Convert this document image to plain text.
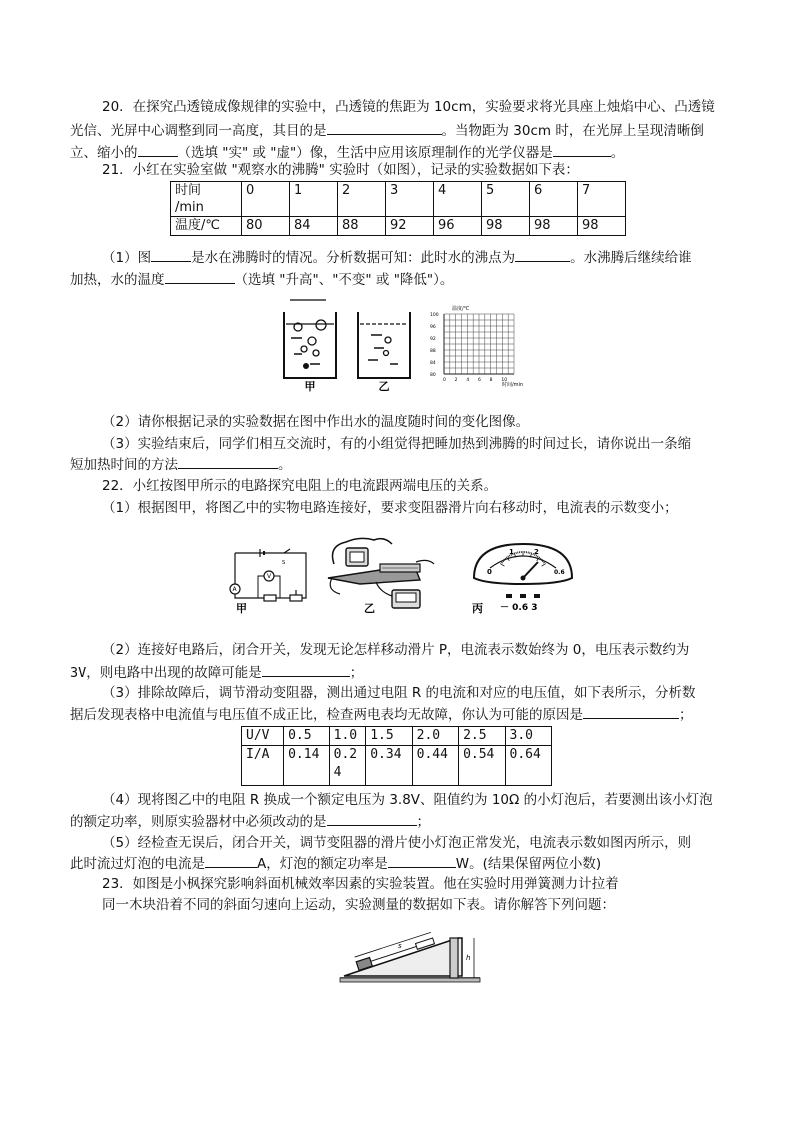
20．在探究凸透镜成像规律的实验中，凸透镜的焦距为 10cm，实验要求将光具座上烛焰中心、凸透镜
光信、光屏中心调整到同一高度，其目的是	。当物距为 30cm 时，在光屏上呈现清晰倒
立、缩小的	（选填 "实" 或 "虚"）像，生活中应用该原理制作的光学仪器是	。
21．小红在实验室做 "观察水的沸腾" 实验时（如图），记录的实验数据如下表：
时间
/min	0	1	2	3	4	5	6	7
温度/℃	80	84	88	92	96	98	98	98
（1）图	是水在沸腾时的情况。分析数据可知：此时水的沸点为	。水沸腾后继续给谁
加热，水的温度	（选填 "升高"、"不变" 或 "降低"）。
甲	乙
100
96
92
88
84
80
0 2 4 6 8 10
温度/℃
时间/min
（2）请你根据记录的实验数据在图中作出水的温度随时间的变化图像。
（3）实验结束后，同学们相互交流时，有的小组觉得把睡加热到沸腾的时间过长，请你说出一条缩
短加热时间的方法	。
22．小红按图甲所示的电路探究电阻上的电流跟两端电压的关系。
（1）根据图甲，将图乙中的实物电路连接好，要求变阻器滑片向右移动时，电流表的示数变小；
S
A
V
甲	乙
0	0.6
1	2
－ 0.6 3
丙
（2）连接好电路后，闭合开关，发现无论怎样移动滑片 P，电流表示数始终为 0，电压表示数约为
3V，则电路中出现的故障可能是	；
（3）排除故障后，调节滑动变阻器，测出通过电阻 R 的电流和对应的电压值，如下表所示，分析数
据后发现表格中电流值与电压值不成正比，检查两电表均无故障，你认为可能的原因是	；
U/V	0.5	1.0	1.5	2.0	2.5	3.0
I/A	0.14	0.2
4	0.34	0.44	0.54	0.64
（4）现将图乙中的电阻 R 换成一个额定电压为 3.8V、阻值约为 10Ω 的小灯泡后，若要测出该小灯泡
的额定功率，则原实验器材中必须改动的是	；
（5）经检查无误后，闭合开关，调节变阻器的滑片使小灯泡正常发光，电流表示数如图丙所示，则
此时流过灯泡的电流是	A，灯泡的额定功率是	W。(结果保留两位小数)
23．如图是小枫探究影响斜面机械效率因素的实验装置。他在实验时用弹簧测力计拉着
同一木块沿着不同的斜面匀速向上运动，实验测量的数据如下表。请你解答下列问题：
s
h
